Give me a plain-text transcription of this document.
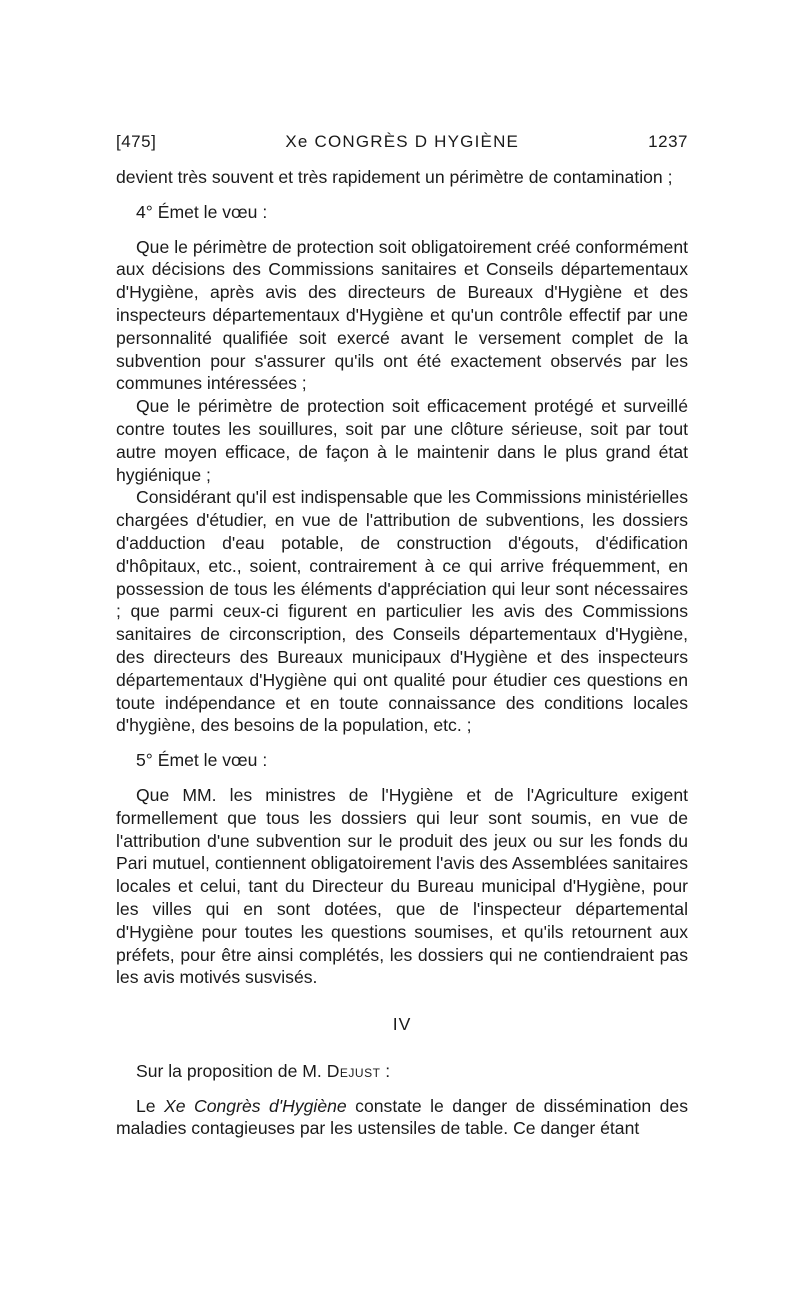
[475]	Xe CONGRÈS D HYGIÈNE	1237

devient très souvent et très rapidement un périmètre de contamination ;

4° Émet le vœu :

Que le périmètre de protection soit obligatoirement créé conformément aux décisions des Commissions sanitaires et Conseils départementaux d'Hygiène, après avis des directeurs de Bureaux d'Hygiène et des inspecteurs départementaux d'Hygiène et qu'un contrôle effectif par une personnalité qualifiée soit exercé avant le versement complet de la subvention pour s'assurer qu'ils ont été exactement observés par les communes intéressées ;

Que le périmètre de protection soit efficacement protégé et surveillé contre toutes les souillures, soit par une clôture sérieuse, soit par tout autre moyen efficace, de façon à le maintenir dans le plus grand état hygiénique ;

Considérant qu'il est indispensable que les Commissions ministérielles chargées d'étudier, en vue de l'attribution de subventions, les dossiers d'adduction d'eau potable, de construction d'égouts, d'édification d'hôpitaux, etc., soient, contrairement à ce qui arrive fréquemment, en possession de tous les éléments d'appréciation qui leur sont nécessaires ; que parmi ceux-ci figurent en particulier les avis des Commissions sanitaires de circonscription, des Conseils départementaux d'Hygiène, des directeurs des Bureaux municipaux d'Hygiène et des inspecteurs départementaux d'Hygiène qui ont qualité pour étudier ces questions en toute indépendance et en toute connaissance des conditions locales d'hygiène, des besoins de la population, etc. ;

5° Émet le vœu :

Que MM. les ministres de l'Hygiène et de l'Agriculture exigent formellement que tous les dossiers qui leur sont soumis, en vue de l'attribution d'une subvention sur le produit des jeux ou sur les fonds du Pari mutuel, contiennent obligatoirement l'avis des Assemblées sanitaires locales et celui, tant du Directeur du Bureau municipal d'Hygiène, pour les villes qui en sont dotées, que de l'inspecteur départemental d'Hygiène pour toutes les questions soumises, et qu'ils retournent aux préfets, pour être ainsi complétés, les dossiers qui ne contiendraient pas les avis motivés susvisés.

IV

Sur la proposition de M. Dejust :

Le Xe Congrès d'Hygiène constate le danger de dissémination des maladies contagieuses par les ustensiles de table. Ce danger étant
